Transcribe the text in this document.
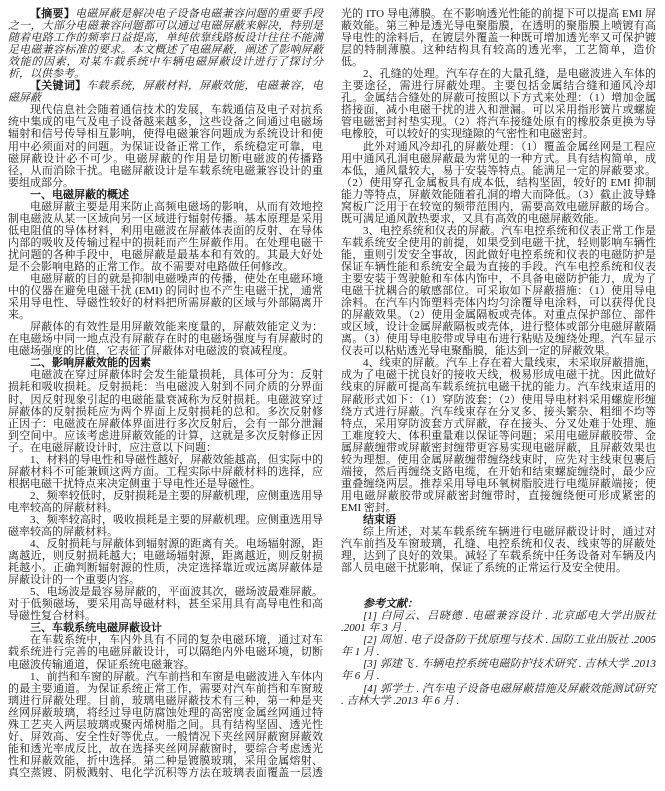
【摘要】电磁屏蔽是解决电子设备电磁兼容问题的重要手段之一，大部分电磁兼容问题都可以通过电磁屏蔽来解决，特别是随着电路工作的频率日益提高，单纯依靠线路板设计往往不能满足电磁兼容标准的要求。本文概述了电磁屏蔽，阐述了影响屏蔽效能的因素，对某车载系统中车辆电磁屏蔽设计进行了探讨分析，以供参考。

【关键词】车载系统，屏蔽材料，屏蔽效能，电磁兼容，电磁屏蔽

现代信息社会随着通信技术的发展，车载通信及电子对抗系统中集成的电气及电子设备越来越多，这些设备之间通过电磁场辐射和信号传导相互影响，使得电磁兼容问题成为系统设计和使用中必须面对的问题。为保证设备正常工作，系统稳定可靠，电磁屏蔽设计必不可少。电磁屏蔽的作用是切断电磁波的传播路径，从而消除干扰。电磁屏蔽设计是车载系统电磁兼容设计的重要组成部分。

一、电磁屏蔽的概述

电磁屏蔽主要是用来防止高频电磁场的影响，从而有效地控制电磁波从某一区域向另一区域进行辐射传播。基本原理是采用低电阻值的导体材料，利用电磁波在屏蔽体表面的反射、在导体内部的吸收及传输过程中的损耗而产生屏蔽作用。在处理电磁干扰问题的各种手段中，电磁屏蔽是最基本和有效的。其最大好处是不会影响电路的正常工作。故不需要对电路做任何修改。

电磁屏蔽的目的就是抑制电磁噪声的传播，使处在电磁环境中的仪器在避免电磁干扰 (EMI) 的同时也不产生电磁干扰，通常采用导电性、导磁性较好的材料把所需屏蔽的区域与外部隔离开来。

屏蔽体的有效性是用屏蔽效能来度量的，屏蔽效能定义为：在电磁场中同一地点没有屏蔽存在时的电磁场强度与有屏蔽时的电磁场强度的比值，它表征了屏蔽体对电磁波的衰减程度。

二、影响屏蔽效能的因素

电磁波在穿过屏蔽体时会发生能量损耗，具体可分为：反射损耗和吸收损耗。反射损耗：当电磁波入射到不同介质的分界面时，因反射现象引起的电磁能量衰减称为反射损耗。电磁波穿过屏蔽体的反射损耗应为两个界面上反射损耗的总和。多次反射修正因子：电磁波在屏蔽体界面进行多次反射后，会有一部分泄漏到空间中。应该考虑进屏蔽效能的计算，这就是多次反射修正因子。在电磁屏蔽设计时，应注意以下问题：

1、材料的导电性和导磁性越好，屏蔽效能越高，但实际中的屏蔽材料不可能兼顾这两方面。工程实际中屏蔽材料的选择，应根据电磁干扰特点来决定侧重于导电性还是导磁性。

2、频率较低时，反射损耗是主要的屏蔽机理，应侧重选用导电率较高的屏蔽材料。

3、频率较高时，吸收损耗是主要的屏蔽机理。应侧重选用导磁率较高的屏蔽材料。

4、反射损耗与屏蔽体到辐射源的距离有关。电场辐射源，距离越近，则反射损耗越大；电磁场辐射源，距离越近，则反射损耗越小。正确判断辐射源的性质，决定选择靠近或远离屏蔽体是屏蔽设计的一个重要内容。

5、电场波是最容易屏蔽的，平面波其次，磁场波最难屏蔽。对于低频磁场，要采用高导磁材料，甚至采用具有高导电性和高导磁性复合材料。

三、车载系统电磁屏蔽设计

在车载系统中，车内外具有不同的复杂电磁环境，通过对车载系统进行完善的电磁屏蔽设计，可以隔绝内外电磁环境，切断电磁波传输通道，保证系统电磁兼容。

1、前挡和车窗的屏蔽。汽车前挡和车窗是电磁波进入车体内的最主要通道。为保证系统正常工作，需要对汽车前挡和车窗玻璃进行屏蔽处理。目前，玻璃电磁屏蔽技术有三种，第一种是夹丝网屏蔽玻璃，将经过导电防腐蚀处理的高密度金属丝网通过特殊工艺夹入两层玻璃或聚丙烯树脂之间。具有结构坚固、透光性好、屏效高、安全性好等优点。一般情况下夹丝网屏蔽窗屏蔽效能和透光率成反比，故在选择夹丝网屏蔽窗时，要综合考虑透光性和屏蔽效能，折中选择。第二种是镀膜玻璃，采用金属熔射、真空蒸镀、阴极溅射、电化学沉积等方法在玻璃表面覆盖一层透光的 ITO 导电薄膜。在不影响透光性能的前提下可以提高 EMI 屏蔽效能。第三种是透光导电聚脂膜，在透明的聚脂膜上喷镀有高导电性的涂料后，在镀层外覆盖一种既可增加透光率又可保护镀层的特制薄膜。这种结构具有较高的透光率，工艺简单，造价低。

2、孔缝的处理。汽车存在的大量孔缝，是电磁波进入车体的主要途径，需进行屏蔽处理。主要包括金属结合缝和通风冷却孔。金属结合缝处的屏蔽可按照以下方式来处理：（1）增加金属搭接面，减小电磁干扰的进入和泄漏。可以采用指形簧片或螺旋管电磁密封衬垫实现。（2）将汽车接缝处原有的橡胶条更换为导电橡胶，可以较好的实现缝隙的气密性和电磁密封。

此外对通风冷却孔的屏蔽处理：（1）覆盖金属丝网是工程应用中通风孔洞电磁屏蔽最为常见的一种方式。具有结构简单，成本低，通风量较大，易于安装等特点。能满足一定的屏蔽要求。（2）使用穿孔金属板具有成本低，结构坚固，较好的 EMI 抑制能力等特点，屏蔽效能随着孔洞的增大而降低。（3）截止波导蜂窝板广泛用于在较宽的频带范围内，需要高效电磁屏蔽的场合。既可满足通风散热要求，又具有高效的电磁屏蔽效能。

3、电控系统和仪表的屏蔽。汽车电控系统和仪表正常工作是车载系统安全使用的前提，如果受到电磁干扰，轻则影响车辆性能，重则引发安全事故，因此做好电控系统和仪表的电磁防护是保证车辆性能和系统安全最为直接的手段。汽车电控系统和仪表主要安装于驾驶舱和车体内饰中，不具备电磁防护能力，成为了电磁干扰耦合的敏感部位。可采取如下屏蔽措施：（1）使用导电涂料。在汽车内饰塑料壳体内均匀涂覆导电涂料，可以获得优良的屏蔽效果。（2）使用金属隔板或壳体。对重点保护部位、部件或区域，设计金属屏蔽隔板或壳体，进行整体或部分电磁屏蔽隔离。（3）使用导电胶带或导电布进行粘贴及缠绕处理。汽车显示仪表可以粘贴透光导电聚酯膜，能达到一定的屏蔽效果。

4、线束的屏蔽。汽车上存在着大量线束，未采取屏蔽措施，成为了电磁干扰良好的接收天线，极易形成电磁干扰。因此做好线束的屏蔽可提高车载系统抗电磁干扰的能力。汽车线束适用的屏蔽形式如下：（1）穿防波套；（2）使用导电材料采用螺旋形缠绕方式进行屏蔽。汽车线束存在分叉多、接头繁杂、粗细不均等特点，采用穿防波套方式屏蔽，存在接头、分叉处难于处理、施工难度较大、体积重量难以保证等问题；采用电磁屏蔽胶带、金属屏蔽缠带或屏蔽密封缠带更容易实现电磁屏蔽，且屏蔽效果也较为理想。使用金属屏蔽缠带缠绕线束时，应先对主线束包裹后端接，然后再缠绕支路电缆，在开始和结束螺旋缠绕时，最少应重叠缠绕两层。推荐采用导电环氧树脂胶进行电缆屏蔽端接；使用电磁屏蔽胶带或屏蔽密封缠带时，直接缠绕便可形成紧密的 EMI 密封。

结束语

综上所述，对某车载系统车辆进行电磁屏蔽设计时，通过对汽车前挡及车窗玻璃，孔缝、电控系统和仪表、线束等的屏蔽处理，达到了良好的效果。减轻了车载系统中任务设备对车辆及内部人员电磁干扰影响，保证了系统的正常运行及安全使用。

参考文献：

[1] 白同云、吕晓德 . 电磁兼容设计 . 北京邮电大学出版社 .2001 年 3 月 .

[2] 周旭 . 电子设备防干扰原理与技术 . 国防工业出版社 .2005 年 1 月 .

[3] 郭建飞 . 车辆电控系统电磁防护技术研究 . 吉林大学 .2013 年 6 月 .

[4] 郭学士 . 汽车电子设备电磁屏蔽措施及屏蔽效能测试研究 . 吉林大学 .2013 年 6 月 .
